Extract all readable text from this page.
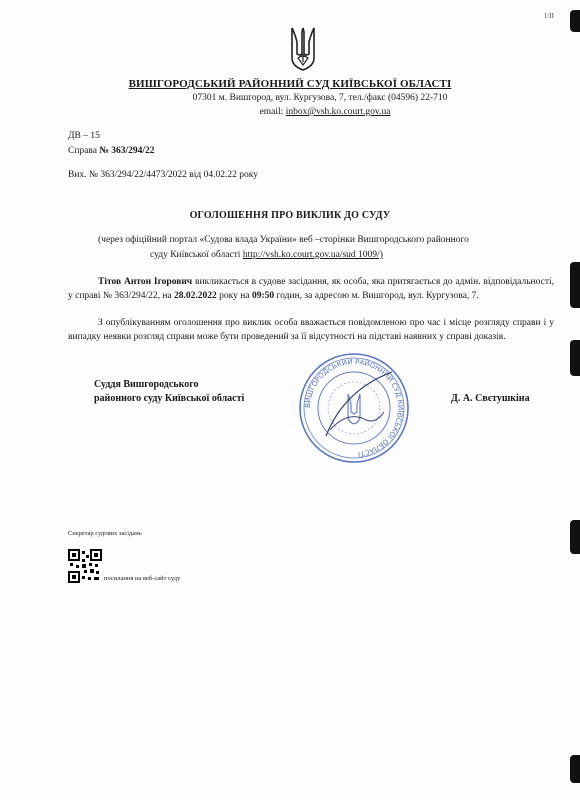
1/II
ВИШГОРОДСЬКИЙ РАЙОННИЙ СУД КИЇВСЬКОЇ ОБЛАСТІ
07301 м. Вишгород, вул. Кургузова, 7, тел./факс (04596) 22-710
email: inbox@vsh.ko.court.gov.ua
ДВ – 15
Справа № 363/294/22
Вих. № 363/294/22/4473/2022 від 04.02.22 року
ОГОЛОШЕННЯ ПРО ВИКЛИК ДО СУДУ
(через офіційний портал «Судова влада України» веб –сторінки Вишгородського районного
суду Київської області http://vsh.ko.court.gov.ua/sud 1009/)
Тітов Антон Ігорович викликається в судове засідання, як особа, яка притягається до адмін. відповідальності, у справі № 363/294/22, на 28.02.2022 року на 09:50 годин, за адресою м. Вишгород, вул. Кургузова, 7.
З опублікуванням оголошення про виклик особа вважається повідомленою про час і місце розгляду справи і у випадку неявки розгляд справи може бути проведений за її відсутності на підставі наявних у справі доказів.
Суддя Вишгородського
районного суду Київської області	Д. А. Свєтушкіна
ВИШГОРОДСЬКИЙ РАЙОННИЙ СУД КИЇВСЬКОЇ ОБЛАСТІ
Секретар судових засідань
посилання на веб-сайт суду
